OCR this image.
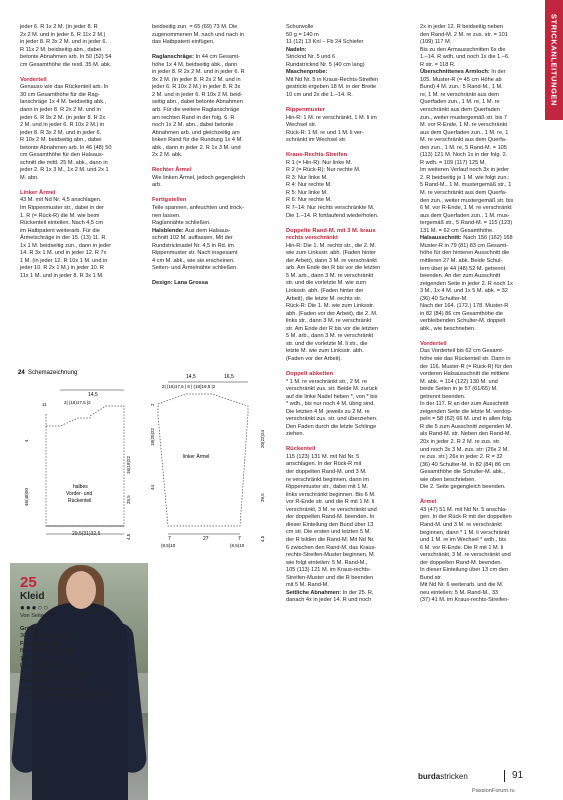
STRICKANLEITUNGEN

jeder 6. R 1x 2 M. (in jeder 8. R
2x 2 M. und in jeder 6. R 11x 2 M.)
in jeder 8. R 3x 2 M. und in jeder 6.
R 11x 2 M. beidseitig abn., dabei
betonte Abnahmen arb. In 50 (52) 54
cm Gesamthöhe die restl. 35 M. abk.

Vorderteil

Genauso wie das Rückenteil arb. In
30 cm Gesamthöhe für die Rag-
lanschräge 1x 4 M. beidseitig abk.,
dann in jeder 8. R 2x 2 M. und in
jeder 6. R 9x 2 M. (in jeder 8. R 2x
2 M. und in jeder 6. R 10x 2 M.) in
jeder 8. R 3x 2 M. und in jeder 6.
R 10x 2 M. beidseitig abn., dabei
betonte Abnahmen arb. In 46 (48) 50
cm Gesamthöhe für den Halsaus-
schnitt die mittl. 25 M. abk., dann in
jeder 2. R 1x 3 M., 1x 2 M. und 2x 1
M. abn.

Linker Ärmel

43 M. mit Nd Nr. 4,5 anschlagen.
Im Rippenmuster str., dabei in der
1. R (= Rück-R) die M. wie beim
Rückenteil einteilen. Nach 4,5 cm
im Hatbpatent weiterarb. Für die
Ärmelschräge in der 15. (13) 11. R
1x 1 M. beidseitig zun., dann in jeder
14. R 3x 1 M. und in jeder 12. R 7x
1 M. (in jeder 12. R 10x 1 M. und in
jeder 10. R 2x 1 M.) in jeder 10. R
11x 1 M. und in jeder 8. R 3x 1 M.

beidseitig zun. = 65 (69) 73 M. Die
zugenommenen M. nach und nach in
das Hatbpatent einfügen.

Raglanschräge: In 44 cm Gesamt-
höhe 1x 4 M. beidseitig abk., dann
in jeder 8. R 2x 2 M. und in jeder 6. R
9x 2 M. (in jeder 8. R 2x 2 M. und in
jeder 6. R 10x 2 M.) in jeder 8. R 3x
2 M. und in jeder 6. R 10x 2 M. beid-
seitig abn., dabei betonte Abnahmen
arb. Für die weitere Raglanschräge
am rechten Rand in der folg. 6. R
noch 1x 2 M. abn., dabei betonte
Abnahmen arb. und gleichzeitig am
linken Rand für die Rundung 1x 4 M.
abk., dann in jeder 2. R 1x 3 M. und
2x 2 M. abk.

Rechter Ärmel

Wie linken Ärmel, jedoch gegengleich
arb.

Fertigstellen

Teile spannen, anfeuchten und trock-
nen lassen.
Raglannähte schließen.

Halsblende: Aus dem Halsaus-
schnitt 102 M. auffassen. Mit der
Rundstricknadel Nr. 4,5 in Rd. im
Rippenmuster str. Nach insgesamt
4 cm M. abk., wie sie erscheinen.
Seiten- und Ärmelnähte schließen.

Design: Lana Grossa

24 Schemazeichnung
29,5(31)32,5
14,5
2| (16)17,5 |2
11
4
46(48)50
16(18)22
25,5
4,5
halbes
Vorder- und
Rückenteil
14,5	16,5
2| (16)17,5 | 6 | (18)19,5 |2
2
18(20)22
44
20(22)24
39,5
4,5
linker Ärmel
7
(8,5)10
27	7
(8,5)10
25
Kleid
●●●○○

Von Seite 60

Größe

36-38 (40-42) 44-46

Fertige Größe:

Brustumfang: 96 (104)
112 cm
Länge: 82 (84) 86 cm
Ärmellänge: 42 (42) 42 cm

Material:

Lana Grossa, Brigitte No. 2
47 % Alpaka, 45 % Baumwolle, 8 %

Schurwolle
50 g = 140 m
11 (12) 13 Knl – Fb 24 Schiefer

Nadeln:
Stricknd Nr. 5 und 6
Rundstricknd Nr. 5 (40 cm lang)

Maschenprobe:
Mit Nd Nr. 5 in Kraus-Rechts-Streifen
gestrickt ergeben 18 M. in der Breite
10 cm und 2x die 1.–14. R.

Rippenmuster

Hin-R: 1 M. re verschränkt, 1 M. li im
Wechsel str.
Rück-R: 1 M. re und 1 M. li ver-
schränkt im Wechsel str.

Kraus-Rechts-Streifen

R 1 (= Hin-R): Nur linke M.
R 2 (= Rück-R): Nur rechte M.
R 3: Nur linke M.
R 4: Nur rechte M.
R 5: Nur linke M.
R 6: Nur rechte M.
R 7–14: Nur rechts verschränkte M.
Die 1.–14. R fortlaufend wiederholen.

Doppelte Rand-M. mit 3 M. kraus
rechts verschränkt

Hin-R: Die 1. M. rechts str., die 2. M.
wie zum Linksstr. abh. (Faden hinter
der Arbeit), dann 3 M. re verschränkt
arb. Am Ende der R bis vor die letzten
5 M. arb., dann 3 M. re verschränkt
str. und die vorletzte M. wie zum
Linksstr. abh. (Faden hinter der
Arbeit), die letzte M. rechts str.
Rück-R: Die 1. M. wie zum Linksstr.
abh. (Faden vor der Arbeit), die 2. M.
links str., dann 3 M. re verschränkt
str. Am Ende der R bis vor die letzten
5 M. arb., dann 3 M. re verschränkt
str. und die vorletzte M. li str., die
letzte M. wie zum Linksstr. abh.
(Faden vor der Arbeit).

Doppelt abketten

* 1 M. re verschränkt str., 2 M. re
verschränkt zus. str. Beide M. zurück
auf die linke Nadel heben *, von * bis
* wdh., bis nur noch 4 M. übrig sind.
Die letzten 4 M. jeweils zu 2 M. re
verschränkt zus. str. und überziehen.
Den Faden durch die letzte Schlinge
ziehen.

Rückenteil

115 (123) 131 M. mit Nd Nr. 5
anschlagen. In der Rück-R mit
der doppelten Rand-M. und 3 M.
re verschränkt beginnen, dann im
Rippenmuster str., dabei mit 1 M.
links verschränkt beginnen. Bis 6 M.
vor R-Ende str. und die R mit 1 M. li
verschränkt, 3 M. re verschränkt und
der doppelten Rand-M. beenden. In
dieser Einteilung den Bund über 13
cm str. Die ersten und letzten 5 M.
der R bilden die Rand-M. Mit Nd Nr.
6 zwischen den Rand-M. das Kraus-
rechts-Streifen-Muster beginnen, M.
wie folgt einteilen: 5 M. Rand-M.,
105 (113) 121 M. im Kraus-rechts-
Streifen-Muster und die R beenden
mit 5 M. Rand-M.

Seitliche Abnahmen: In der 25. R,
danach 4x in jeder 14. R und noch

2x in jeder 12. R beidseitig neben
den Rand-M. 2 M. re zus. str. = 101
(109) 117 M.
Bis zu den Armausschnitten 6x die
1.–14. R wdh. und noch 1x die 1.–6.
R str. = 118 R.

Überschnittenes Armloch: In der
105. Muster-R (= 45 cm Höhe ab
Bund) 4 M. zun.: 5 Rand-M., 1 M.
re, 1 M. re verschränkt aus dem
Querfaden zun., 1 M. re, 1 M. re
verschränkt aus dem Querfaden
zun., weiter mustergemäß str. bis 7
M. vor R-Ende, 1 M. re verschränkt
aus dem Querfaden zun., 1 M. re, 1
M. re verschränkt aus dem Querfa-
den zun., 1 M. re, 5 Rand-M. = 105
(113) 121 M. Noch 1x in der folg. 2.
R wdh. = 109 (117) 125 M.
Im weiteren Verlauf noch 3x in jeder
2. R beidseitig je 1 M. wie folgt zun.:
5 Rand-M., 1 M. mustergemäß str., 1
M. re verschränkt aus dem Querfa-
den zun., weiter mustergemäß str. bis
6 M. vor R-Ende, 1 M. re verschränkt
aus dem Querfaden zun., 1 M. mus-
tergemäß str., 5 Rand-M. = 115 (123)
131 M. = 62 cm Gesamthöhe.

Halsausschnitt: Nach 156 (162) 168
Muster-R in 79 (81) 83 cm Gesamt-
höhe für den hinteren Ausschnitt die
mittleren 27 M. abk. Beide Schul-
tern über je 44 (48) 52 M. getrennt
beenden. An der zum Ausschnitt
zeigenden Seite in jeder 2. R noch 1x
3 M., 1x 4 M. und 1x 5 M. abk. = 32
(36) 40 Schulter-M.
Nach der 164. (172.) 178. Muster-R
in 82 (84) 86 cm Gesamthöhe die
verbleibenden Schulter-M. doppelt
abk., wie beschrieben.

Vorderteil

Das Vorderteil bis 62 cm Gesamt-
höhe wie das Rückenteil str. Dann in
der 116. Muster-R (= Rück-R) für den
vorderen Halsausschnitt die mittlere
M. abk. = 114 (122) 130 M. und
beide Seiten in je 57 (61/65) M.
getrennt beenden.
In der 117. R an der zum Ausschnitt
zeigenden Seite die letzte M. verdop-
peln = 58 (62) 66 M. und in allen folg.
R die 5 zum Ausschnitt zeigenden M.
als Rand-M. str. Neben den Rand-M.
20x in jeder 2. R 2 M. re zus. str.
und noch 3x 3 M. zus. str: (26x 2 M.
re zus. str.) 26x in jeder 2. R = 32
(36) 40 Schulter-M. In 82 (84) 86 cm
Gesamthöhe die Schulter-M. abk.,
wie oben beschrieben.
Die 2. Seite gegengleich beenden.

Ärmel

43 (47) 51 M. mit Nd Nr. 5 anschla-
gen. In der Rück-R mit der doppelten
Rand-M. und 3 M. re verschränkt
beginnen, dann * 1 M. li verschränkt
und 1 M. re im Wechsel * wdh., bis
6 M. vor R-Ende. Die R mit 1 M. li
verschränkt, 3 M. re verschränkt und
der doppelten Rand-M. beenden.
In dieser Einteilung über 13 cm den
Bund str.
Mit Nd Nr. 6 weiterarb. und die M.
neu einteilen: 5 M. Rand-M., 33
(37) 41 M. im Kraus-rechts-Streifen-

burdastricken	91
PassionForum.ru
